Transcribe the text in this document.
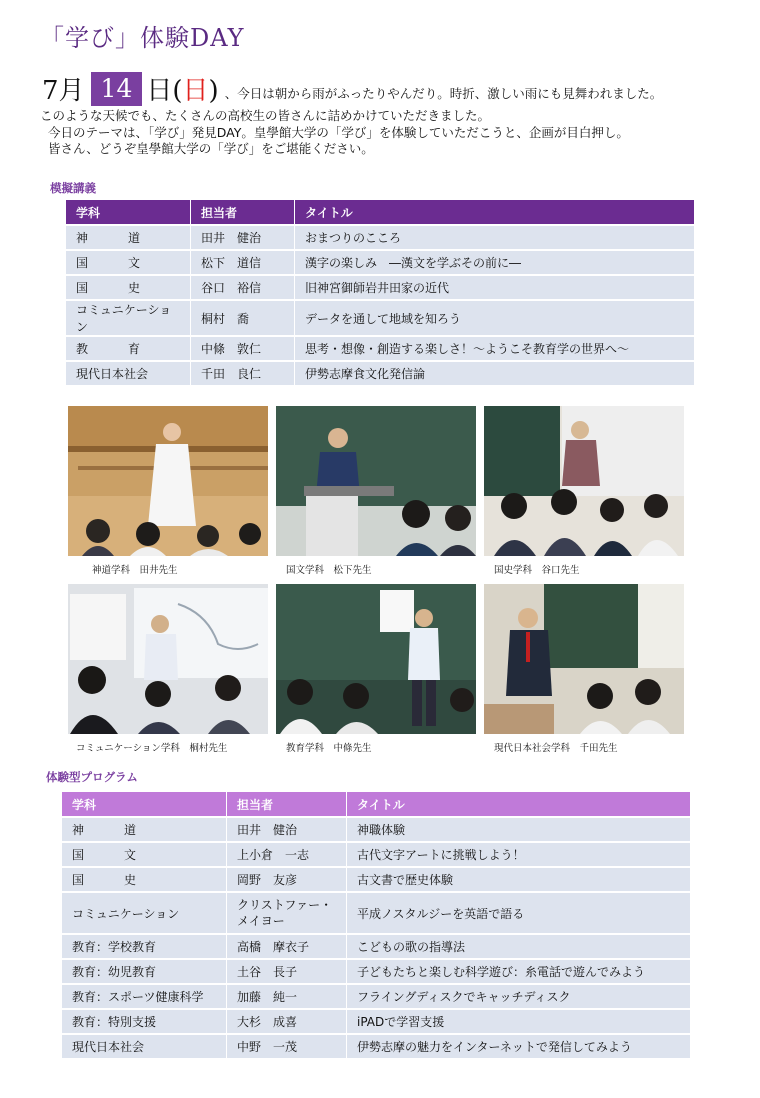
「学び」体験DAY
7月 14 日 ( 日 ) 、今日は朝から雨がふったりやんだり。時折、激しい雨にも見舞われました。
このような天候でも、たくさんの高校生の皆さんに詰めかけていただきました。
今日のテーマは、「学び」発見DAY。皇學館大学の「学び」を体験していただこうと、企画が目白押し。
皆さん、どうぞ皇學館大学の「学び」をご堪能ください。
模擬講義
学科	担当者	タイトル
神　道	田井　健治	おまつりのこころ
国　文	松下　道信	漢字の楽しみ　―漢文を学ぶその前に―
国　史	谷口　裕信	旧神宮御師岩井田家の近代
コミュニケーション	桐村　喬	データを通して地域を知ろう
教　育	中條　敦仁	思考・想像・創造する楽しさ！～ようこそ教育学の世界へ～
現代日本社会	千田　良仁	伊勢志摩食文化発信論
神道学科　田井先生	国文学科　松下先生	国史学科　谷口先生
コミュニケーション学科　桐村先生	教育学科　中條先生	現代日本社会学科　千田先生
体験型プログラム
学科	担当者	タイトル
神　道	田井　健治	神職体験
国　文	上小倉　一志	古代文字アートに挑戦しよう！
国　史	岡野　友彦	古文書で歴史体験
コミュニケーション	クリストファー・メイヨー	平成ノスタルジーを英語で語る
教育：学校教育	高橋　摩衣子	こどもの歌の指導法
教育：幼児教育	土谷　長子	子どもたちと楽しむ科学遊び：糸電話で遊んでみよう
教育：スポーツ健康科学	加藤　純一	フライングディスクでキャッチディスク
教育：特別支援	大杉　成喜	iPADで学習支援
現代日本社会	中野　一茂	伊勢志摩の魅力をインターネットで発信してみよう
